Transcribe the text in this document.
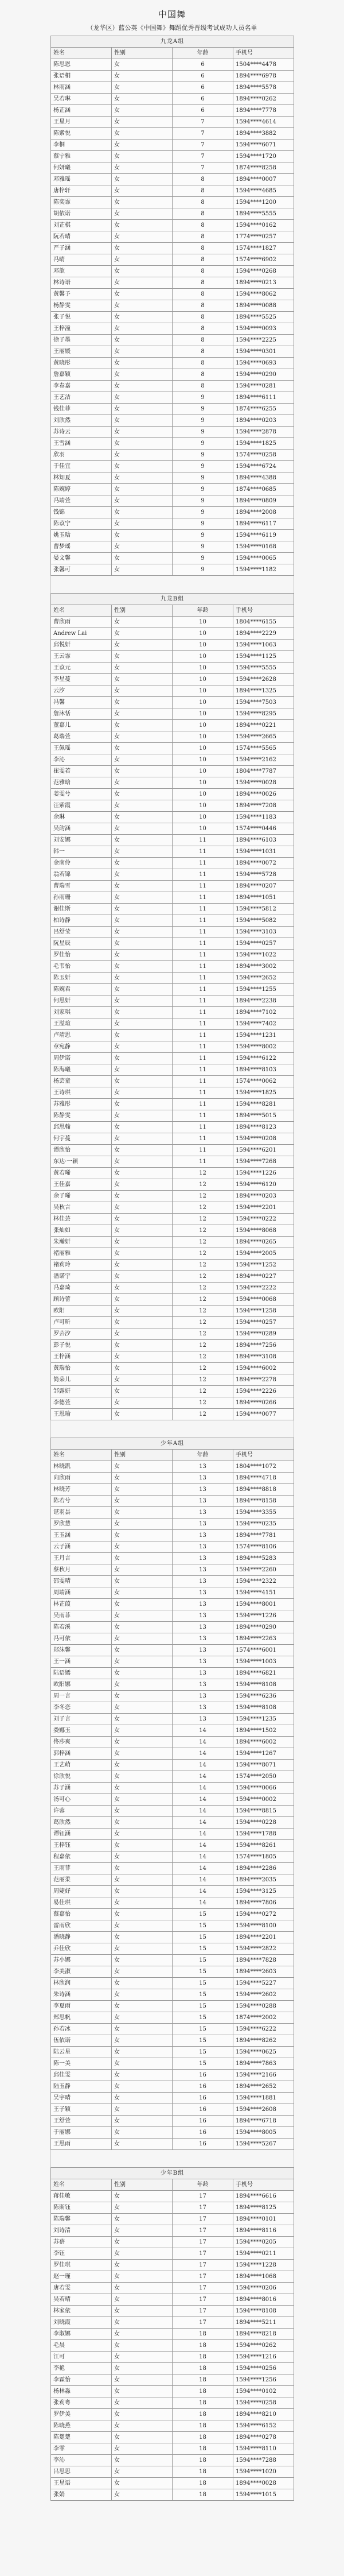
中国舞
（龙华区）蓝公英《中国舞》舞蹈优秀晋级考试成功人员名单
九龙A组			
姓名	性别	年龄	手机号
陈思恩	女	6	1504****4478
张语桐	女	6	1894****6978
林雨涵	女	6	1894****5578
吴若琳	女	6	1894****0262
杨芷涵	女	6	1894****7778
王星月	女	7	1594****4614
陈紫悦	女	7	1894****3882
李桐	女	7	1594****6071
蔡宁雅	女	7	1594****1720
何妍曦	女	7	1874****8258
邓雅瑶	女	8	1894****0007
唐梓轩	女	8	1594****4685
陈奕霏	女	8	1594****1200
胡依诺	女	8	1894****5555
刘芷棋	女	8	1594****0162
阮若晴	女	8	1774****0257
严子涵	女	8	1574****1827
冯晴	女	8	1574****6902
邓歆	女	8	1594****0268
林诗语	女	8	1894****0213
黄馨予	女	8	1594****8062
杨静雯	女	8	1894****0088
张子悦	女	8	1894****5525
王梓潼	女	8	1594****0093
徐子墨	女	8	1594****2225
王丽媛	女	8	1594****0301
黄晓彤	女	8	1594****0693
詹嘉颖	女	8	1594****0290
李春嘉	女	8	1594****0281
王艺洁	女	9	1894****6111
钱佳菲	女	9	1874****6255
刘欣然	女	9	1894****0203
苏诗云	女	9	1594****2878
王雪涵	女	9	1594****1825
欣羽	女	9	1574****0258
于佳宜	女	9	1594****6724
林知夏	女	9	1894****4388
陈婉婷	女	9	1874****0685
冯靖萱	女	9	1894****0809
钱锦	女	9	1894****2008
陈苡宁	女	9	1894****6117
姚玉晗	女	9	1594****6119
曹梦瑶	女	9	1594****0168
晏文馨	女	9	1594****0065
张馨可	女	9	1594****1182

九龙B组			
姓名	性别	年龄	手机号
曹欣雨	女	10	1804****6155
Andrew Lai	女	10	1894****2229
邱悦妍	女	10	1594****1063
王云霏	女	10	1594****1125
王苡元	女	10	1594****5555
李星蔓	女	10	1594****2628
云汐	女	10	1894****1325
冯馨	女	10	1594****7503
詹沐恬	女	10	1594****8295
董嘉儿	女	10	1894****0221
葛瑞萱	女	10	1594****2665
王佩瑶	女	10	1574****5565
李沁	女	10	1594****2162
崔雯若	女	10	1804****7787
范雅晗	女	10	1594****0028
姜雯兮	女	10	1894****0026
汪紫霞	女	10	1894****7208
余琳	女	10	1594****1183
吴韵涵	女	10	1574****0446
刘安娜	女	11	1894****6103
韩一	女	11	1594****1031
金南伶	女	11	1894****0072
翁若锦	女	11	1594****5728
曹瑞雪	女	11	1894****0207
孙雨珊	女	11	1894****1051
谢佳斯	女	11	1594****5812
柏诗静	女	11	1594****5082
吕舒莹	女	11	1594****3103
阮星辰	女	11	1594****0257
罗佳怡	女	11	1594****1022
毛韦怡	女	11	1894****3002
陈玉妍	女	11	1594****2652
陈婉君	女	11	1594****1255
何思妍	女	11	1894****2238
刘家琪	女	11	1894****7102
王溢瑄	女	11	1594****7402
卢靖思	女	11	1594****1231
章宛静	女	11	1594****8002
周伊诺	女	11	1594****6122
陈海曦	女	11	1894****8103
杨芸童	女	11	1574****0062
王诗琪	女	11	1594****1825
苏雅彤	女	11	1594****8281
陈静雯	女	11	1894****5015
邱思翰	女	11	1894****8123
何宇蔓	女	11	1594****0208
谭欣怡	女	11	1594****6201
东达·一颖	女	11	1594****7268
黄若晞	女	12	1594****1226
王佳嘉	女	12	1594****6120
余子晞	女	12	1894****0203
吴秋言	女	12	1594****2201
林佳芸	女	12	1594****0222
张灿如	女	12	1594****8068
朱瀚妍	女	12	1894****0265
褚丽雅	女	12	1594****2005
褚莉玲	女	12	1594****1252
潘诺宇	女	12	1894****0227
冯嘉琦	女	12	1594****2222
顾诗蕾	女	12	1594****0068
欧阳	女	12	1594****1258
卢可昕	女	12	1594****0257
罗芸汐	女	12	1594****0289
彭子悦	女	12	1894****7256
王梓涵	女	12	1894****3108
黄瑞怡	女	12	1594****6002
简朵儿	女	12	1894****2278
邹露妍	女	12	1594****2226
李德萱	女	12	1894****0266
王恩瑜	女	12	1594****0077

少年A组			
姓名	性别	年龄	手机号
林晓凯	女	13	1804****1072
向欣雨	女	13	1894****4718
林晓芳	女	13	1894****8818
陈若兮	女	13	1894****8158
谌羽昙	女	13	1594****3355
罗欣慧	女	13	1594****0235
王玉涵	女	13	1894****7781
云子涵	女	13	1574****8106
王月言	女	13	1894****5283
蔡秋月	女	13	1594****2260
邵雯晴	女	13	1594****2322
周靖涵	女	13	1594****4151
林芷葭	女	13	1594****8001
吴雨菲	女	13	1594****1226
陈若溪	女	13	1894****0290
冯可依	女	13	1894****2263
郑沫馨	女	13	1574****6001
王一涵	女	13	1594****1003
陆语嫣	女	13	1894****6821
欧阳娜	女	13	1594****8108
周一言	女	13	1594****6236
李冬恋	女	13	1594****8108
刘子言	女	13	1594****1235
娄娜玉	女	14	1894****1502
佟莎爽	女	14	1894****6002
郭梓涵	女	14	1594****1267
王艺萌	女	14	1594****8071
徐欣悦	女	14	1574****2050
苏子涵	女	14	1594****0066
汤可心	女	14	1594****0002
许蓉	女	14	1594****8815
葛欣然	女	14	1594****0228
谭钰涵	女	14	1594****1788
王梓钰	女	14	1594****8261
程嘉依	女	14	1574****1805
王雨菲	女	14	1894****2286
范丽柔	女	14	1894****2035
周婕妤	女	14	1594****3125
易佳琪	女	14	1894****7806
蔡嘉怡	女	15	1594****0272
雷雨欣	女	15	1594****8100
潘晓静	女	15	1894****2201
乔佳欣	女	15	1594****2822
苏小娜	女	15	1894****7828
李美淑	女	15	1894****2603
林欣润	女	15	1594****5227
朱诗涵	女	15	1594****2602
李夏雨	女	15	1594****0288
郑思帆	女	15	1874****2002
孙若冰	女	15	1594****6222
伍依诺	女	15	1894****8262
陆云星	女	15	1594****0625
陈一美	女	15	1894****7863
邱佳雯	女	16	1594****2166
陆玉静	女	16	1894****2652
吴宇晴	女	16	1594****1881
王子颖	女	16	1594****2608
王舒萱	女	16	1894****6718
于丽娜	女	16	1594****8005
王思雨	女	16	1594****5267

少年B组			
姓名	性别	年龄	手机号
蒋佳敏	女	17	1894****6616
陈斯钰	女	17	1894****8125
陈瑞馨	女	17	1894****0101
刘诗清	女	17	1894****8116
苏蓓	女	17	1594****0205
李钰	女	17	1594****0211
罗佳琪	女	17	1594****1228
赵一瑾	女	17	1894****1068
唐若雯	女	17	1594****0206
吴若晴	女	17	1894****8016
林家依	女	17	1594****8108
刘晓霞	女	17	1894****5211
李淑娜	女	18	1894****8218
毛晨	女	18	1594****0262
江可	女	18	1594****1216
李艳	女	18	1594****0256
李霖怡	女	18	1594****1256
杨林淼	女	18	1594****0102
张莉粤	女	18	1594****0258
罗伊美	女	18	1894****8210
陈晓燕	女	18	1594****6152
陈楚楚	女	18	1894****0278
李霏	女	18	1594****8110
李沁	女	18	1594****7288
吕思思	女	18	1594****1020
王星语	女	18	1894****0028
张娟	女	18	1594****1015
